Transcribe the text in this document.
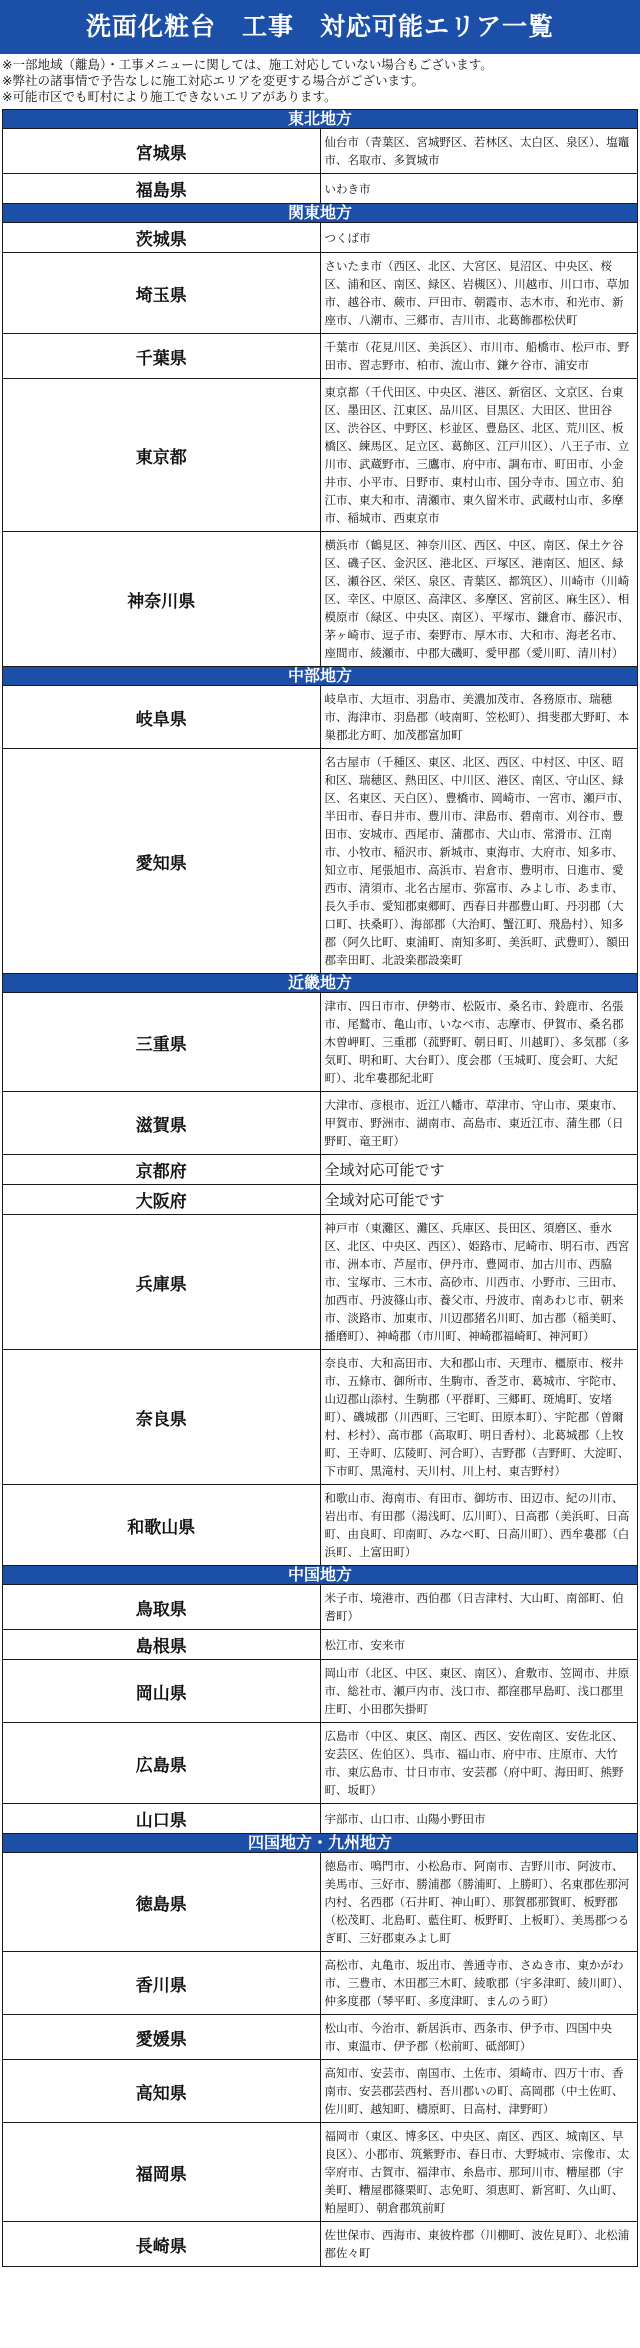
洗面化粧台　工事　対応可能エリア一覧
※一部地域（離島）・工事メニューに関しては、施工対応していない場合もございます。
※弊社の諸事情で予告なしに施工対応エリアを変更する場合がございます。
※可能市区でも町村により施工できないエリアがあります。
東北地方	
宮城県	仙台市（青葉区、宮城野区、若林区、太白区、泉区）、塩竈市、名取市、多賀城市
福島県	いわき市
関東地方	
茨城県	つくば市
埼玉県	さいたま市（西区、北区、大宮区、見沼区、中央区、桜区、浦和区、南区、緑区、岩槻区）、川越市、川口市、草加市、越谷市、蕨市、戸田市、朝霞市、志木市、和光市、新座市、八潮市、三郷市、吉川市、北葛飾郡松伏町
千葉県	千葉市（花見川区、美浜区）、市川市、船橋市、松戸市、野田市、習志野市、柏市、流山市、鎌ケ谷市、浦安市
東京都	東京都（千代田区、中央区、港区、新宿区、文京区、台東区、墨田区、江東区、品川区、目黒区、大田区、世田谷区、渋谷区、中野区、杉並区、豊島区、北区、荒川区、板橋区、練馬区、足立区、葛飾区、江戸川区）、八王子市、立川市、武蔵野市、三鷹市、府中市、調布市、町田市、小金井市、小平市、日野市、東村山市、国分寺市、国立市、狛江市、東大和市、清瀬市、東久留米市、武蔵村山市、多摩市、稲城市、西東京市
神奈川県	横浜市（鶴見区、神奈川区、西区、中区、南区、保土ケ谷区、磯子区、金沢区、港北区、戸塚区、港南区、旭区、緑区、瀬谷区、栄区、泉区、青葉区、都筑区）、川崎市（川崎区、幸区、中原区、高津区、多摩区、宮前区、麻生区）、相模原市（緑区、中央区、南区）、平塚市、鎌倉市、藤沢市、茅ヶ崎市、逗子市、秦野市、厚木市、大和市、海老名市、座間市、綾瀬市、中郡大磯町、愛甲郡（愛川町、清川村）
中部地方	
岐阜県	岐阜市、大垣市、羽島市、美濃加茂市、各務原市、瑞穂市、海津市、羽島郡（岐南町、笠松町）、揖斐郡大野町、本巣郡北方町、加茂郡富加町
愛知県	名古屋市（千種区、東区、北区、西区、中村区、中区、昭和区、瑞穂区、熱田区、中川区、港区、南区、守山区、緑区、名東区、天白区）、豊橋市、岡崎市、一宮市、瀬戸市、半田市、春日井市、豊川市、津島市、碧南市、刈谷市、豊田市、安城市、西尾市、蒲郡市、犬山市、常滑市、江南市、小牧市、稲沢市、新城市、東海市、大府市、知多市、知立市、尾張旭市、高浜市、岩倉市、豊明市、日進市、愛西市、清須市、北名古屋市、弥富市、みよし市、あま市、長久手市、愛知郡東郷町、西春日井郡豊山町、丹羽郡（大口町、扶桑町）、海部郡（大治町、蟹江町、飛島村）、知多郡（阿久比町、東浦町、南知多町、美浜町、武豊町）、額田郡幸田町、北設楽郡設楽町
近畿地方	
三重県	津市、四日市市、伊勢市、松阪市、桑名市、鈴鹿市、名張市、尾鷲市、亀山市、いなべ市、志摩市、伊賀市、桑名郡木曽岬町、三重郡（菰野町、朝日町、川越町）、多気郡（多気町、明和町、大台町）、度会郡（玉城町、度会町、大紀町）、北牟婁郡紀北町
滋賀県	大津市、彦根市、近江八幡市、草津市、守山市、栗東市、甲賀市、野洲市、湖南市、高島市、東近江市、蒲生郡（日野町、竜王町）
京都府	全域対応可能です
大阪府	全域対応可能です
兵庫県	神戸市（東灘区、灘区、兵庫区、長田区、須磨区、垂水区、北区、中央区、西区）、姫路市、尼崎市、明石市、西宮市、洲本市、芦屋市、伊丹市、豊岡市、加古川市、西脇市、宝塚市、三木市、高砂市、川西市、小野市、三田市、加西市、丹波篠山市、養父市、丹波市、南あわじ市、朝来市、淡路市、加東市、川辺郡猪名川町、加古郡（稲美町、播磨町）、神崎郡（市川町、神崎郡福崎町、神河町）
奈良県	奈良市、大和高田市、大和郡山市、天理市、橿原市、桜井市、五條市、御所市、生駒市、香芝市、葛城市、宇陀市、山辺郡山添村、生駒郡（平群町、三郷町、斑鳩町、安堵町）、磯城郡（川西町、三宅町、田原本町）、宇陀郡（曽爾村、杉村）、高市郡（高取町、明日香村）、北葛城郡（上牧町、王寺町、広陵町、河合町）、吉野郡（吉野町、大淀町、下市町、黒滝村、天川村、川上村、東吉野村）
和歌山県	和歌山市、海南市、有田市、御坊市、田辺市、紀の川市、岩出市、有田郡（湯浅町、広川町）、日高郡（美浜町、日高町、由良町、印南町、みなべ町、日高川町）、西牟婁郡（白浜町、上富田町）
中国地方	
鳥取県	米子市、境港市、西伯郡（日吉津村、大山町、南部町、伯耆町）
島根県	松江市、安来市
岡山県	岡山市（北区、中区、東区、南区）、倉敷市、笠岡市、井原市、総社市、瀬戸内市、浅口市、都窪郡早島町、浅口郡里庄町、小田郡矢掛町
広島県	広島市（中区、東区、南区、西区、安佐南区、安佐北区、安芸区、佐伯区）、呉市、福山市、府中市、庄原市、大竹市、東広島市、廿日市市、安芸郡（府中町、海田町、熊野町、坂町）
山口県	宇部市、山口市、山陽小野田市
四国地方・九州地方	
徳島県	徳島市、鳴門市、小松島市、阿南市、吉野川市、阿波市、美馬市、三好市、勝浦郡（勝浦町、上勝町）、名東郡佐那河内村、名西郡（石井町、神山町）、那賀郡那賀町、板野郡（松茂町、北島町、藍住町、板野町、上板町）、美馬郡つるぎ町、三好郡東みよし町
香川県	高松市、丸亀市、坂出市、善通寺市、さぬき市、東かがわ市、三豊市、木田郡三木町、綾歌郡（宇多津町、綾川町）、仲多度郡（琴平町、多度津町、まんのう町）
愛媛県	松山市、今治市、新居浜市、西条市、伊予市、四国中央市、東温市、伊予郡（松前町、砥部町）
高知県	高知市、安芸市、南国市、土佐市、須崎市、四万十市、香南市、安芸郡芸西村、吾川郡いの町、高岡郡（中土佐町、佐川町、越知町、檮原町、日高村、津野町）
福岡県	福岡市（東区、博多区、中央区、南区、西区、城南区、早良区）、小郡市、筑紫野市、春日市、大野城市、宗像市、太宰府市、古賀市、福津市、糸島市、那珂川市、糟屋郡（宇美町、糟屋郡篠栗町、志免町、須恵町、新宮町、久山町、粕屋町）、朝倉郡筑前町
長崎県	佐世保市、西海市、東彼杵郡（川棚町、波佐見町）、北松浦郡佐々町
